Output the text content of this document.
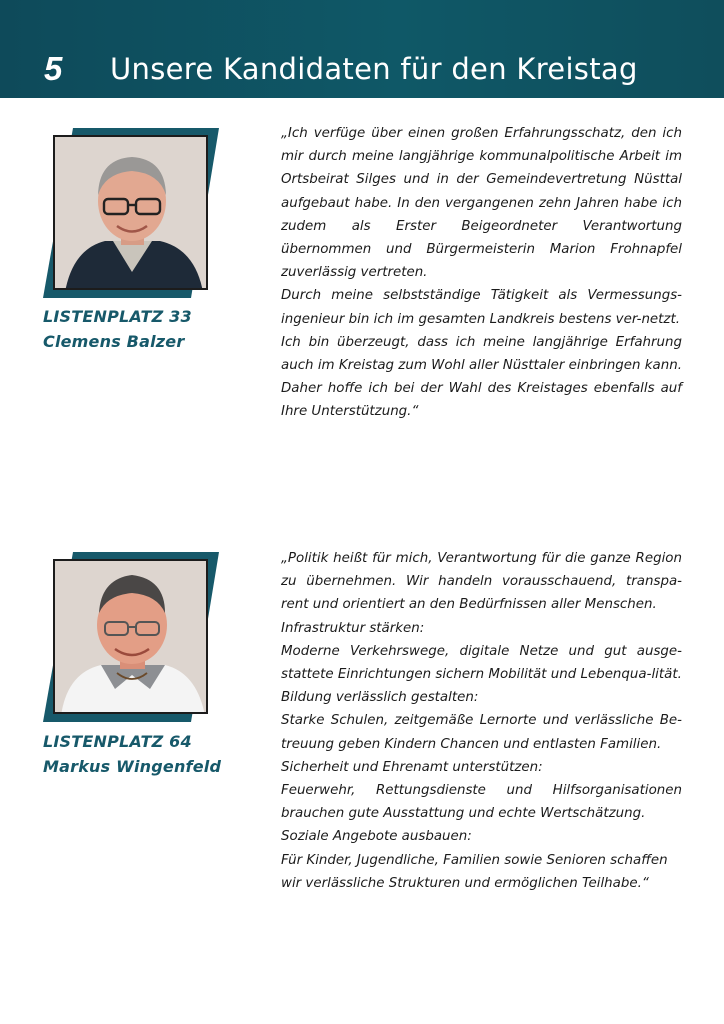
5 Unsere Kandidaten für den Kreistag
LISTENPLATZ 33
Clemens Balzer

„Ich verfüge über einen großen Erfahrungsschatz, den ich mir durch meine langjährige kommunalpolitische Arbeit im Ortsbeirat Silges und in der Gemeindevertretung Nüsttal aufgebaut habe. In den vergangenen zehn Jahren habe ich zudem als Erster Beigeordneter Verantwortung übernommen und Bürgermeisterin Marion Frohnapfel zuverlässig vertreten.

Durch meine selbstständige Tätigkeit als Vermessungs-ingenieur bin ich im gesamten Landkreis bestens ver-netzt.

Ich bin überzeugt, dass ich meine langjährige Erfahrung auch im Kreistag zum Wohl aller Nüsttaler einbringen kann. Daher hoffe ich bei der Wahl des Kreistages ebenfalls auf Ihre Unterstützung.“

LISTENPLATZ 64
Markus Wingenfeld

„Politik heißt für mich, Verantwortung für die ganze Region zu übernehmen. Wir handeln vorausschauend, transpa-rent und orientiert an den Bedürfnissen aller Menschen.

Infrastruktur stärken:

Moderne Verkehrswege, digitale Netze und gut ausge-stattete Einrichtungen sichern Mobilität und Lebenqua-lität.

Bildung verlässlich gestalten:

Starke Schulen, zeitgemäße Lernorte und verlässliche Be-treuung geben Kindern Chancen und entlasten Familien.

Sicherheit und Ehrenamt unterstützen:

Feuerwehr, Rettungsdienste und Hilfsorganisationen brauchen gute Ausstattung und echte Wertschätzung.

Soziale Angebote ausbauen:

Für Kinder, Jugendliche, Familien sowie Senioren schaffen wir verlässliche Strukturen und ermöglichen Teilhabe.“
